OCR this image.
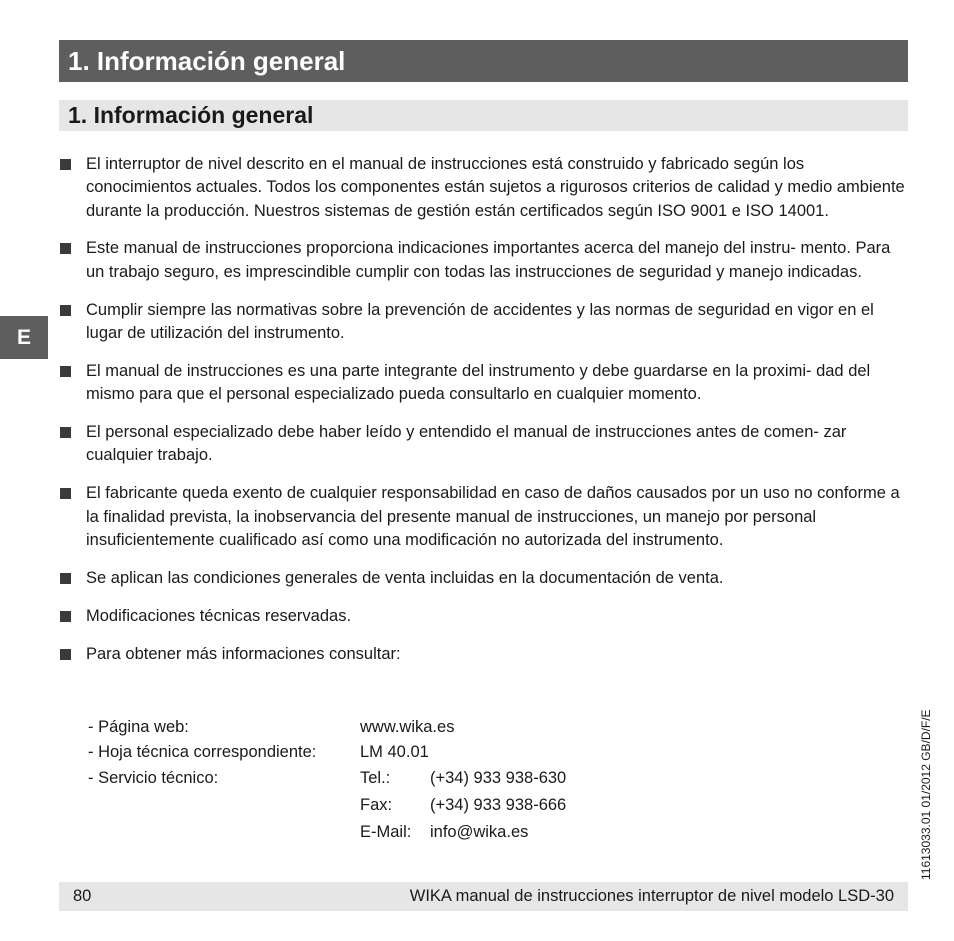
1. Información general
1. Información general
E
El interruptor de nivel descrito en el manual de instrucciones está construido y fabricado según los conocimientos actuales. Todos los componentes están sujetos a rigurosos criterios de calidad y medio ambiente durante la producción. Nuestros sistemas de gestión están certificados según ISO 9001 e ISO 14001.
Este manual de instrucciones proporciona indicaciones importantes acerca del manejo del instru- mento. Para un trabajo seguro, es imprescindible cumplir con todas las instrucciones de seguridad y manejo indicadas.
Cumplir siempre las normativas sobre la prevención de accidentes y las normas de seguridad en vigor en el lugar de utilización del instrumento.
El manual de instrucciones es una parte integrante del instrumento y debe guardarse en la proximi- dad del mismo para que el personal especializado pueda consultarlo en cualquier momento.
El personal especializado debe haber leído y entendido el manual de instrucciones antes de comen- zar cualquier trabajo.
El fabricante queda exento de cualquier responsabilidad en caso de daños causados por un uso no conforme a la finalidad prevista, la inobservancia del presente manual de instrucciones, un manejo por personal insuficientemente cualificado así como una modificación no autorizada del instrumento.
Se aplican las condiciones generales de venta incluidas en la documentación de venta.
Modificaciones técnicas reservadas.
Para obtener más informaciones consultar:
- Página web:	www.wika.es
- Hoja técnica correspondiente:	LM 40.01
- Servicio técnico:	Tel.: (+34) 933 938-630
Fax: (+34) 933 938-666
E-Mail: info@wika.es	11613033.01 01/2012 GB/D/F/E
80	WIKA manual de instrucciones interruptor de nivel modelo LSD-30
